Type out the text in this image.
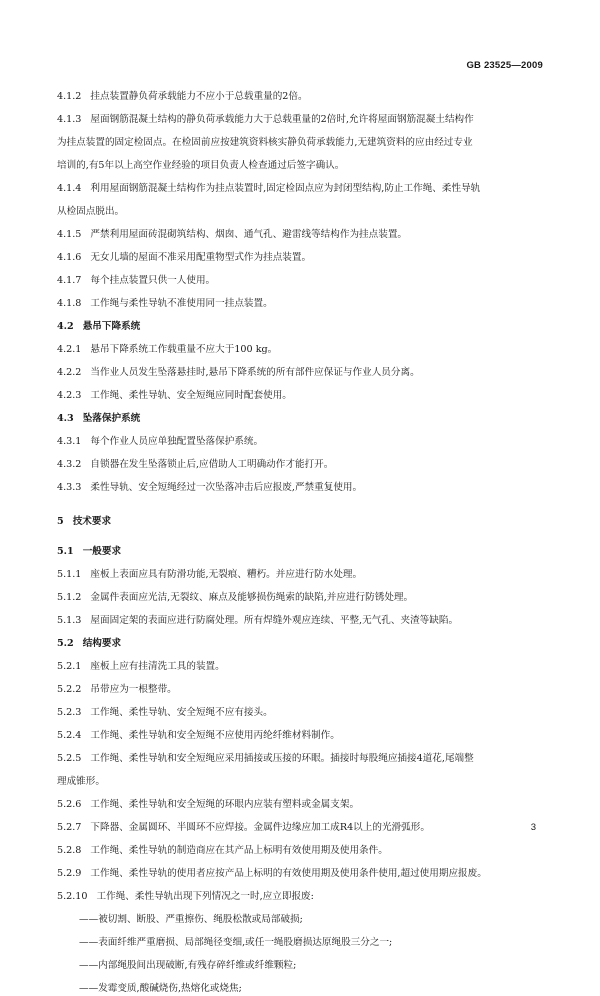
GB 23525—2009
4.1.2 挂点装置静负荷承载能力不应小于总载重量的2倍。
4.1.3 屋面钢筋混凝土结构的静负荷承载能力大于总载重量的2倍时,允许将屋面钢筋混凝土结构作
为挂点装置的固定检固点。在检固前应按建筑资料核实静负荷承载能力,无建筑资料的应由经过专业
培训的,有5年以上高空作业经验的项目负责人检查通过后签字确认。
4.1.4 利用屋面钢筋混凝土结构作为挂点装置时,固定检固点应为封闭型结构,防止工作绳、柔性导轨
从检固点脱出。
4.1.5 严禁利用屋面砖混砌筑结构、烟囱、通气孔、避雷线等结构作为挂点装置。
4.1.6 无女儿墙的屋面不准采用配重物型式作为挂点装置。
4.1.7 每个挂点装置只供一人使用。
4.1.8 工作绳与柔性导轨不准使用同一挂点装置。
4.2 悬吊下降系统
4.2.1 悬吊下降系统工作载重量不应大于100 kg。
4.2.2 当作业人员发生坠落悬挂时,悬吊下降系统的所有部件应保证与作业人员分离。
4.2.3 工作绳、柔性导轨、安全短绳应同时配套使用。
4.3 坠落保护系统
4.3.1 每个作业人员应单独配置坠落保护系统。
4.3.2 自锁器在发生坠落锁止后,应借助人工明确动作才能打开。
4.3.3 柔性导轨、安全短绳经过一次坠落冲击后应报废,严禁重复使用。
5 技术要求
5.1 一般要求
5.1.1 座板上表面应具有防滑功能,无裂痕、糟朽。并应进行防水处理。
5.1.2 金属件表面应光洁,无裂纹、麻点及能够损伤绳索的缺陷,并应进行防锈处理。
5.1.3 屋面固定架的表面应进行防腐处理。所有焊缝外观应连续、平整,无气孔、夹渣等缺陷。
5.2 结构要求
5.2.1 座板上应有挂清洗工具的装置。
5.2.2 吊带应为一根整带。
5.2.3 工作绳、柔性导轨、安全短绳不应有接头。
5.2.4 工作绳、柔性导轨和安全短绳不应使用丙纶纤维材料制作。
5.2.5 工作绳、柔性导轨和安全短绳应采用插接或压接的环眼。插接时每股绳应插接4道花,尾端整
理成锥形。
5.2.6 工作绳、柔性导轨和安全短绳的环眼内应装有塑料或金属支架。
5.2.7 下降器、金属圆环、半圆环不应焊接。金属件边缘应加工成R4以上的光滑弧形。
5.2.8 工作绳、柔性导轨的制造商应在其产品上标明有效使用期及使用条件。
5.2.9 工作绳、柔性导轨的使用者应按产品上标明的有效使用期及使用条件使用,超过使用期应报废。
5.2.10 工作绳、柔性导轨出现下列情况之一时,应立即报废:
——被切割、断股、严重擦伤、绳股松散或局部破损;
——表面纤维严重磨损、局部绳径变细,或任一绳股磨损达原绳股三分之一;
——内部绳股间出现破断,有残存碎纤维或纤维颗粒;
——发霉变质,酸碱烧伤,热熔化或烧焦;
3
